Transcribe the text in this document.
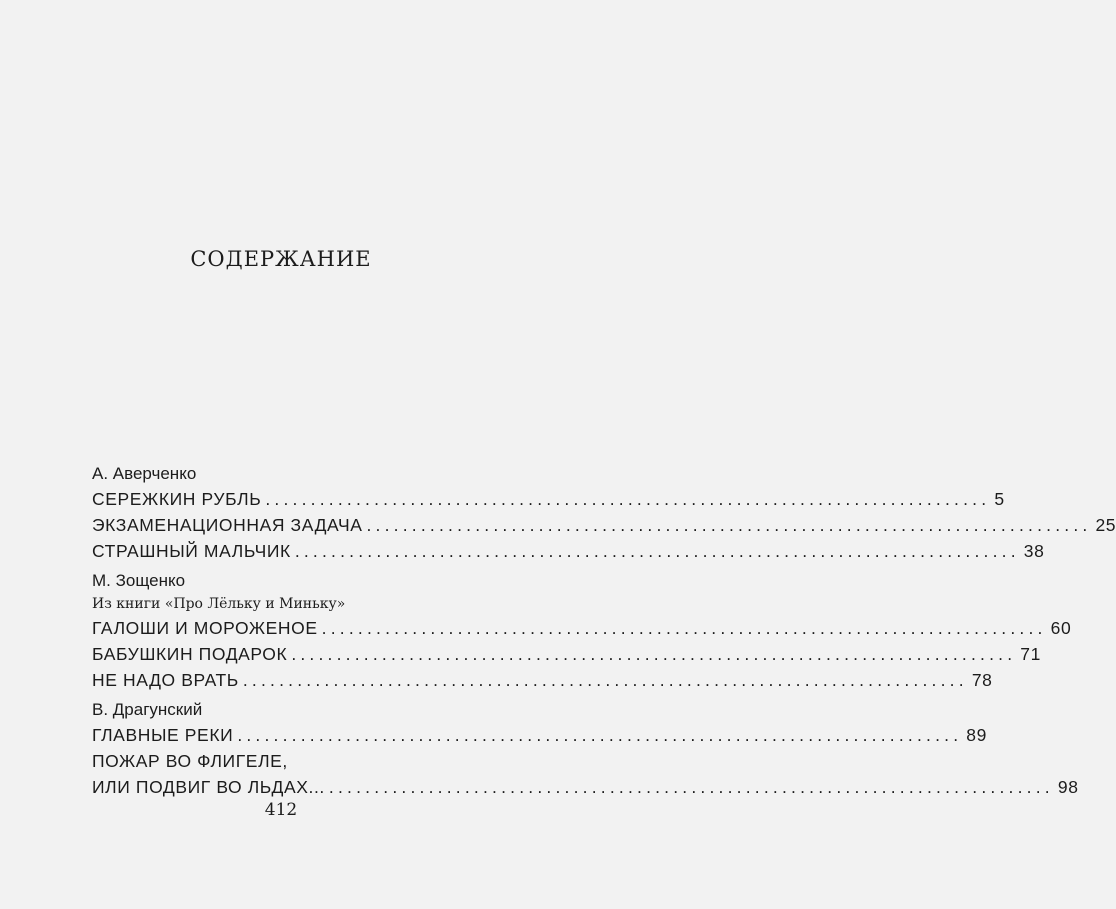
СОДЕРЖАНИЕ
А. Аверченко
СЕРЕЖКИН РУБЛЬ ................................................................................ 5
ЭКЗАМЕНАЦИОННАЯ ЗАДАЧА ................................................................................ 25
СТРАШНЫЙ МАЛЬЧИК ................................................................................ 38
М. Зощенко
Из книги «Про Лёльку и Миньку»
ГАЛОШИ И МОРОЖЕНОЕ ................................................................................ 60
БАБУШКИН ПОДАРОК ................................................................................ 71
НЕ НАДО ВРАТЬ ................................................................................ 78
В. Драгунский
ГЛАВНЫЕ РЕКИ ................................................................................ 89
ПОЖАР ВО ФЛИГЕЛЕ,
ИЛИ ПОДВИГ ВО ЛЬДАХ... ................................................................................ 98
412
